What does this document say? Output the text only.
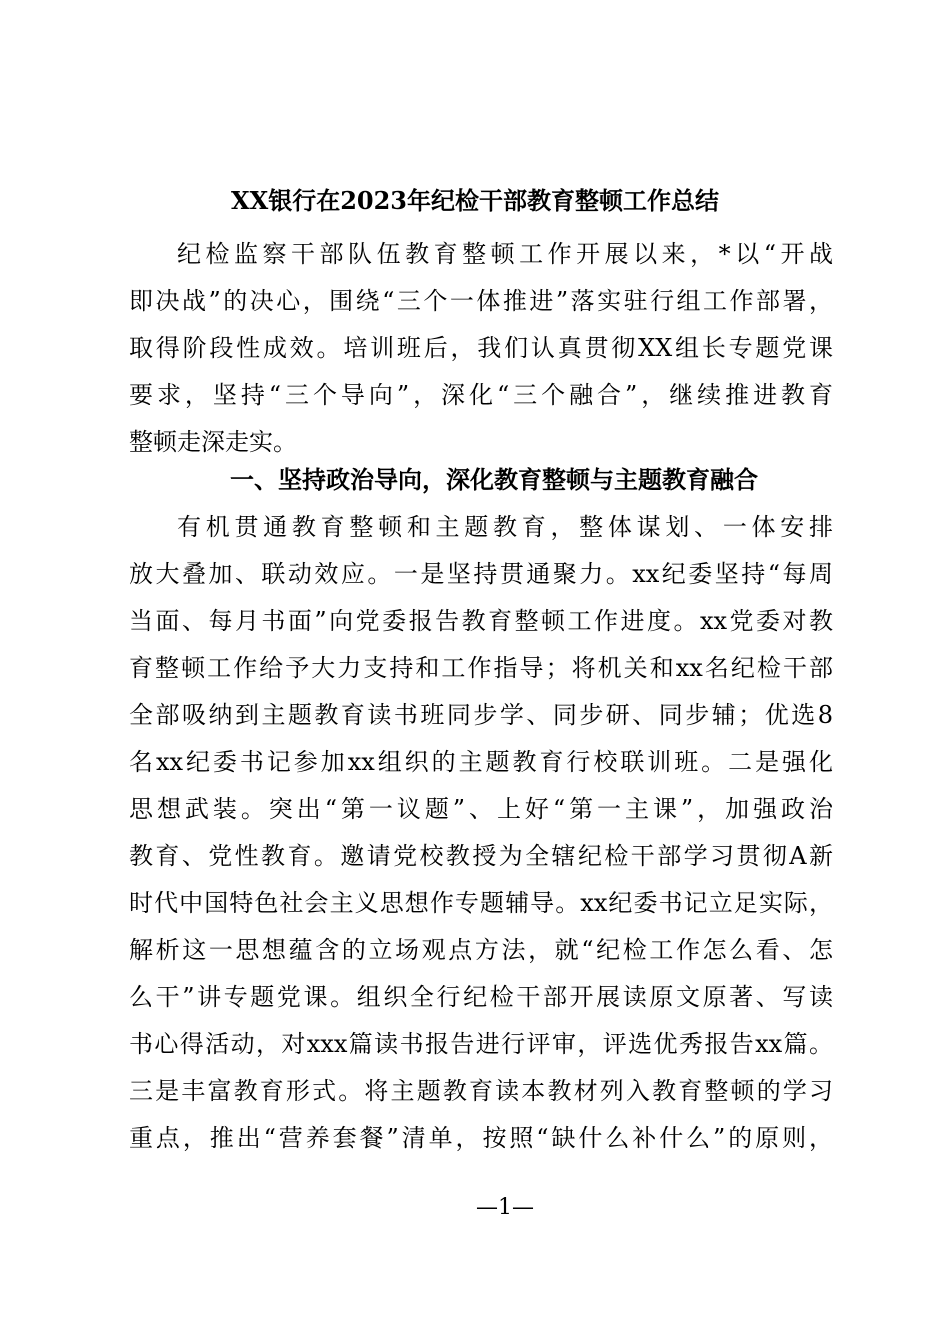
XX银行在2023年纪检干部教育整顿工作总结
纪检监察干部队伍教育整顿工作开展以来，*以“开战
即决战”的决心，围绕“三个一体推进”落实驻行组工作部署，
取得阶段性成效。培训班后，我们认真贯彻XX组长专题党课
要求，坚持“三个导向”，深化“三个融合”，继续推进教育
整顿走深走实。
一、坚持政治导向，深化教育整顿与主题教育融合
有机贯通教育整顿和主题教育，整体谋划、一体安排
放大叠加、联动效应。一是坚持贯通聚力。xx纪委坚持“每周
当面、每月书面”向党委报告教育整顿工作进度。xx党委对教
育整顿工作给予大力支持和工作指导；将机关和xx名纪检干部
全部吸纳到主题教育读书班同步学、同步研、同步辅；优选8
名xx纪委书记参加xx组织的主题教育行校联训班。二是强化
思想武装。突出“第一议题”、上好“第一主课”，加强政治
教育、党性教育。邀请党校教授为全辖纪检干部学习贯彻A新
时代中国特色社会主义思想作专题辅导。xx纪委书记立足实际，
解析这一思想蕴含的立场观点方法，就“纪检工作怎么看、怎
么干”讲专题党课。组织全行纪检干部开展读原文原著、写读
书心得活动，对xxx篇读书报告进行评审，评选优秀报告xx篇。
三是丰富教育形式。将主题教育读本教材列入教育整顿的学习
重点，推出“营养套餐”清单，按照“缺什么补什么”的原则，
—1—
